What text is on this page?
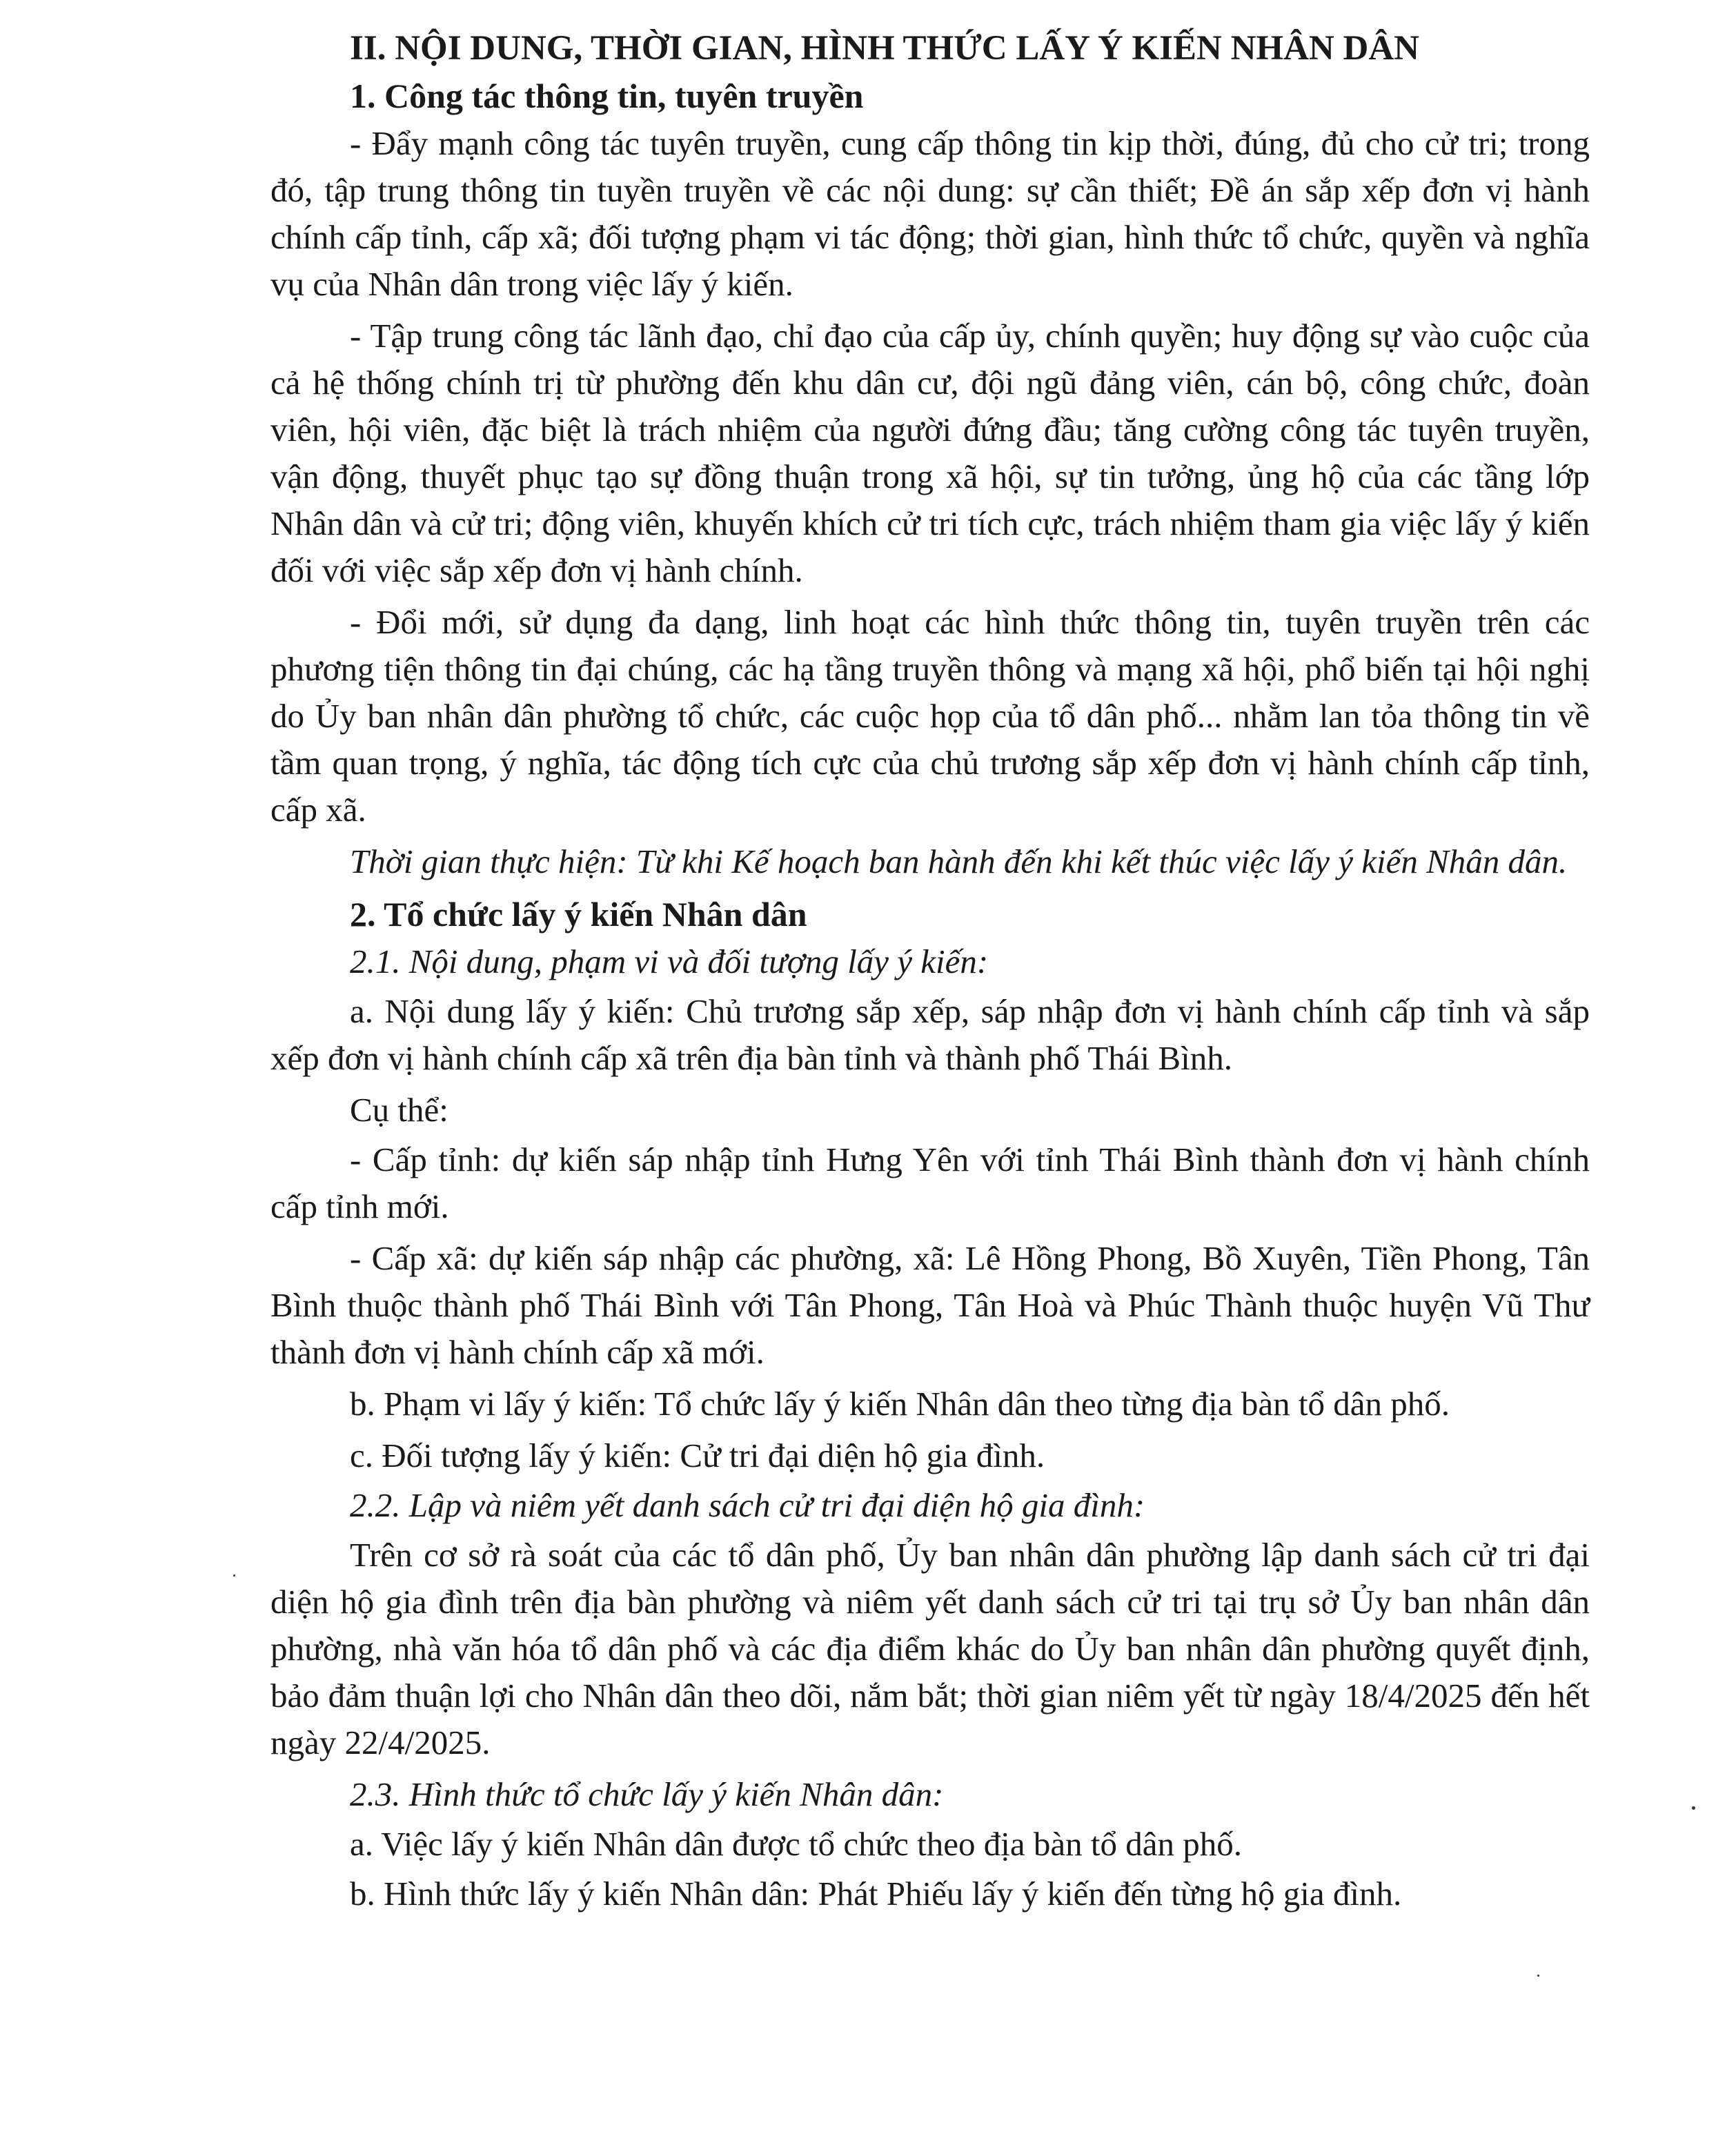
II. NỘI DUNG, THỜI GIAN, HÌNH THỨC LẤY Ý KIẾN NHÂN DÂN

1. Công tác thông tin, tuyên truyền

- Đẩy mạnh công tác tuyên truyền, cung cấp thông tin kịp thời, đúng, đủ cho cử tri; trong đó, tập trung thông tin tuyền truyền về các nội dung: sự cần thiết; Đề án sắp xếp đơn vị hành chính cấp tỉnh, cấp xã; đối tượng phạm vi tác động; thời gian, hình thức tổ chức, quyền và nghĩa vụ của Nhân dân trong việc lấy ý kiến.

- Tập trung công tác lãnh đạo, chỉ đạo của cấp ủy, chính quyền; huy động sự vào cuộc của cả hệ thống chính trị từ phường đến khu dân cư, đội ngũ đảng viên, cán bộ, công chức, đoàn viên, hội viên, đặc biệt là trách nhiệm của người đứng đầu; tăng cường công tác tuyên truyền, vận động, thuyết phục tạo sự đồng thuận trong xã hội, sự tin tưởng, ủng hộ của các tầng lớp Nhân dân và cử tri; động viên, khuyến khích cử tri tích cực, trách nhiệm tham gia việc lấy ý kiến đối với việc sắp xếp đơn vị hành chính.

- Đổi mới, sử dụng đa dạng, linh hoạt các hình thức thông tin, tuyên truyền trên các phương tiện thông tin đại chúng, các hạ tầng truyền thông và mạng xã hội, phổ biến tại hội nghị do Ủy ban nhân dân phường tổ chức, các cuộc họp của tổ dân phố... nhằm lan tỏa thông tin về tầm quan trọng, ý nghĩa, tác động tích cực của chủ trương sắp xếp đơn vị hành chính cấp tỉnh, cấp xã.

Thời gian thực hiện: Từ khi Kế hoạch ban hành đến khi kết thúc việc lấy ý kiến Nhân dân.

2. Tổ chức lấy ý kiến Nhân dân

2.1. Nội dung, phạm vi và đối tượng lấy ý kiến:

a. Nội dung lấy ý kiến: Chủ trương sắp xếp, sáp nhập đơn vị hành chính cấp tỉnh và sắp xếp đơn vị hành chính cấp xã trên địa bàn tỉnh và thành phố Thái Bình.

Cụ thể:

- Cấp tỉnh: dự kiến sáp nhập tỉnh Hưng Yên với tỉnh Thái Bình thành đơn vị hành chính cấp tỉnh mới.

- Cấp xã: dự kiến sáp nhập các phường, xã: Lê Hồng Phong, Bồ Xuyên, Tiền Phong, Tân Bình thuộc thành phố Thái Bình với Tân Phong, Tân Hoà và Phúc Thành thuộc huyện Vũ Thư thành đơn vị hành chính cấp xã mới.

b. Phạm vi lấy ý kiến: Tổ chức lấy ý kiến Nhân dân theo từng địa bàn tổ dân phố.

c. Đối tượng lấy ý kiến: Cử tri đại diện hộ gia đình.

2.2. Lập và niêm yết danh sách cử tri đại diện hộ gia đình:

Trên cơ sở rà soát của các tổ dân phố, Ủy ban nhân dân phường lập danh sách cử tri đại diện hộ gia đình trên địa bàn phường và niêm yết danh sách cử tri tại trụ sở Ủy ban nhân dân phường, nhà văn hóa tổ dân phố và các địa điểm khác do Ủy ban nhân dân phường quyết định, bảo đảm thuận lợi cho Nhân dân theo dõi, nắm bắt; thời gian niêm yết từ ngày 18/4/2025 đến hết ngày 22/4/2025.

2.3. Hình thức tổ chức lấy ý kiến Nhân dân:

a. Việc lấy ý kiến Nhân dân được tổ chức theo địa bàn tổ dân phố.

b. Hình thức lấy ý kiến Nhân dân: Phát Phiếu lấy ý kiến đến từng hộ gia đình.
